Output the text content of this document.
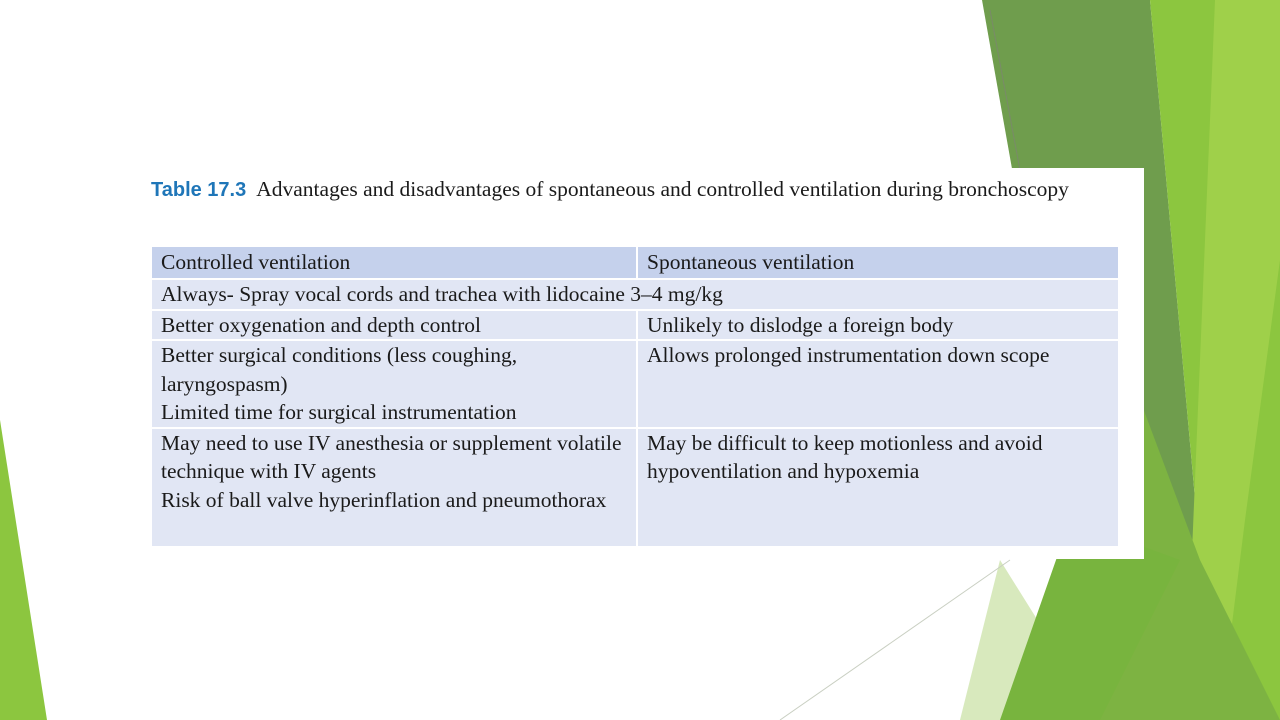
Table 17.3 Advantages and disadvantages of spontaneous and controlled ventilation during bronchoscopy
Controlled ventilation	Spontaneous ventilation
Always- Spray vocal cords and trachea with lidocaine 3–4 mg/kg	

Better oxygenation and depth control	Unlikely to dislodge a foreign body

Better surgical conditions (less coughing, laryngospasm)
Limited time for surgical instrumentation	Allows prolonged instrumentation down scope

May need to use IV anesthesia or supplement volatile technique with IV agents
Risk of ball valve hyperinflation and pneumothorax	May be difficult to keep motionless and avoid hypoventilation and hypoxemia
